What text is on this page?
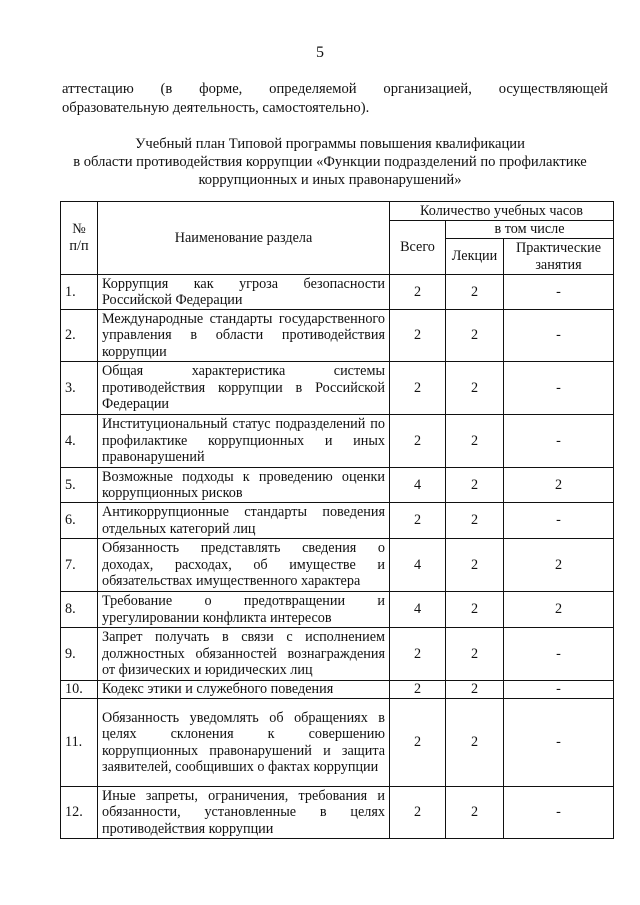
5
аттестацию (в форме, определяемой организацией, осуществляющей
образовательную деятельность, самостоятельно).
Учебный план Типовой программы повышения квалификации
в области противодействия коррупции «Функции подразделений по профилактике
коррупционных и иных правонарушений»
№ п/п	Наименование раздела	Количество учебных часов		
		Всего	в том числе	
			Лекции	Практические занятия
1.	Коррупция как угроза безопасности Российской Федерации	2	2	-
2.	Международные стандарты государственного управления в области противодействия коррупции	2	2	-
3.	Общая характеристика системы противодействия коррупции в Российской Федерации	2	2	-
4.	Институциональный статус подразделений по профилактике коррупционных и иных правонарушений	2	2	-
5.	Возможные подходы к проведению оценки коррупционных рисков	4	2	2
6.	Антикоррупционные стандарты поведения отдельных категорий лиц	2	2	-
7.	Обязанность представлять сведения о доходах, расходах, об имуществе и обязательствах имущественного характера	4	2	2
8.	Требование о предотвращении и урегулировании конфликта интересов	4	2	2
9.	Запрет получать в связи с исполнением должностных обязанностей вознаграждения от физических и юридических лиц	2	2	-
10.	Кодекс этики и служебного поведения	2	2	-
11.	Обязанность уведомлять об обращениях в целях склонения к совершению коррупционных правонарушений и защита заявителей, сообщивших о фактах коррупции	2	2	-
12.	Иные запреты, ограничения, требования и обязанности, установленные в целях противодействия коррупции	2	2	-
